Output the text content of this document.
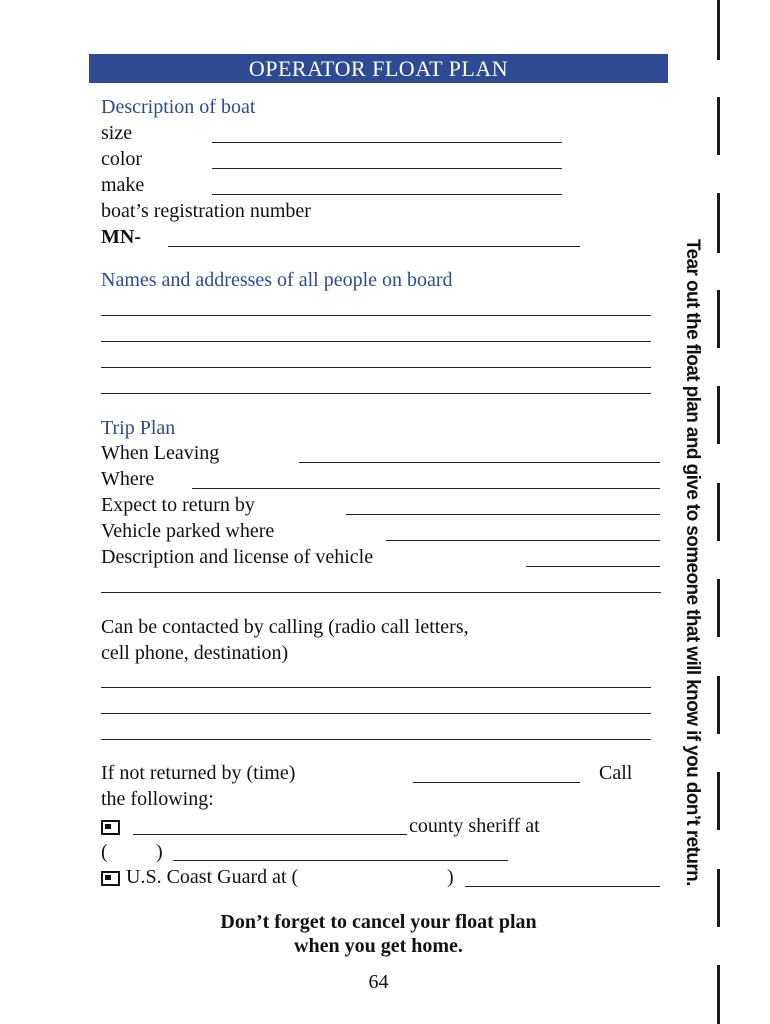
OPERATOR FLOAT PLAN
Description of boat
size
color
make
boat’s registration number
MN-
Names and addresses of all people on board
Trip Plan
When Leaving
Where
Expect to return by
Vehicle parked where
Description and license of vehicle
Can be contacted by calling (radio call letters,
cell phone, destination)
If not returned by (time)	Call
the following:
county sheriff at
( )
U.S. Coast Guard at (	)
Don’t forget to cancel your float plan
when you get home.
64
Tear out the float plan and give to someone that will know if you don’t return.
